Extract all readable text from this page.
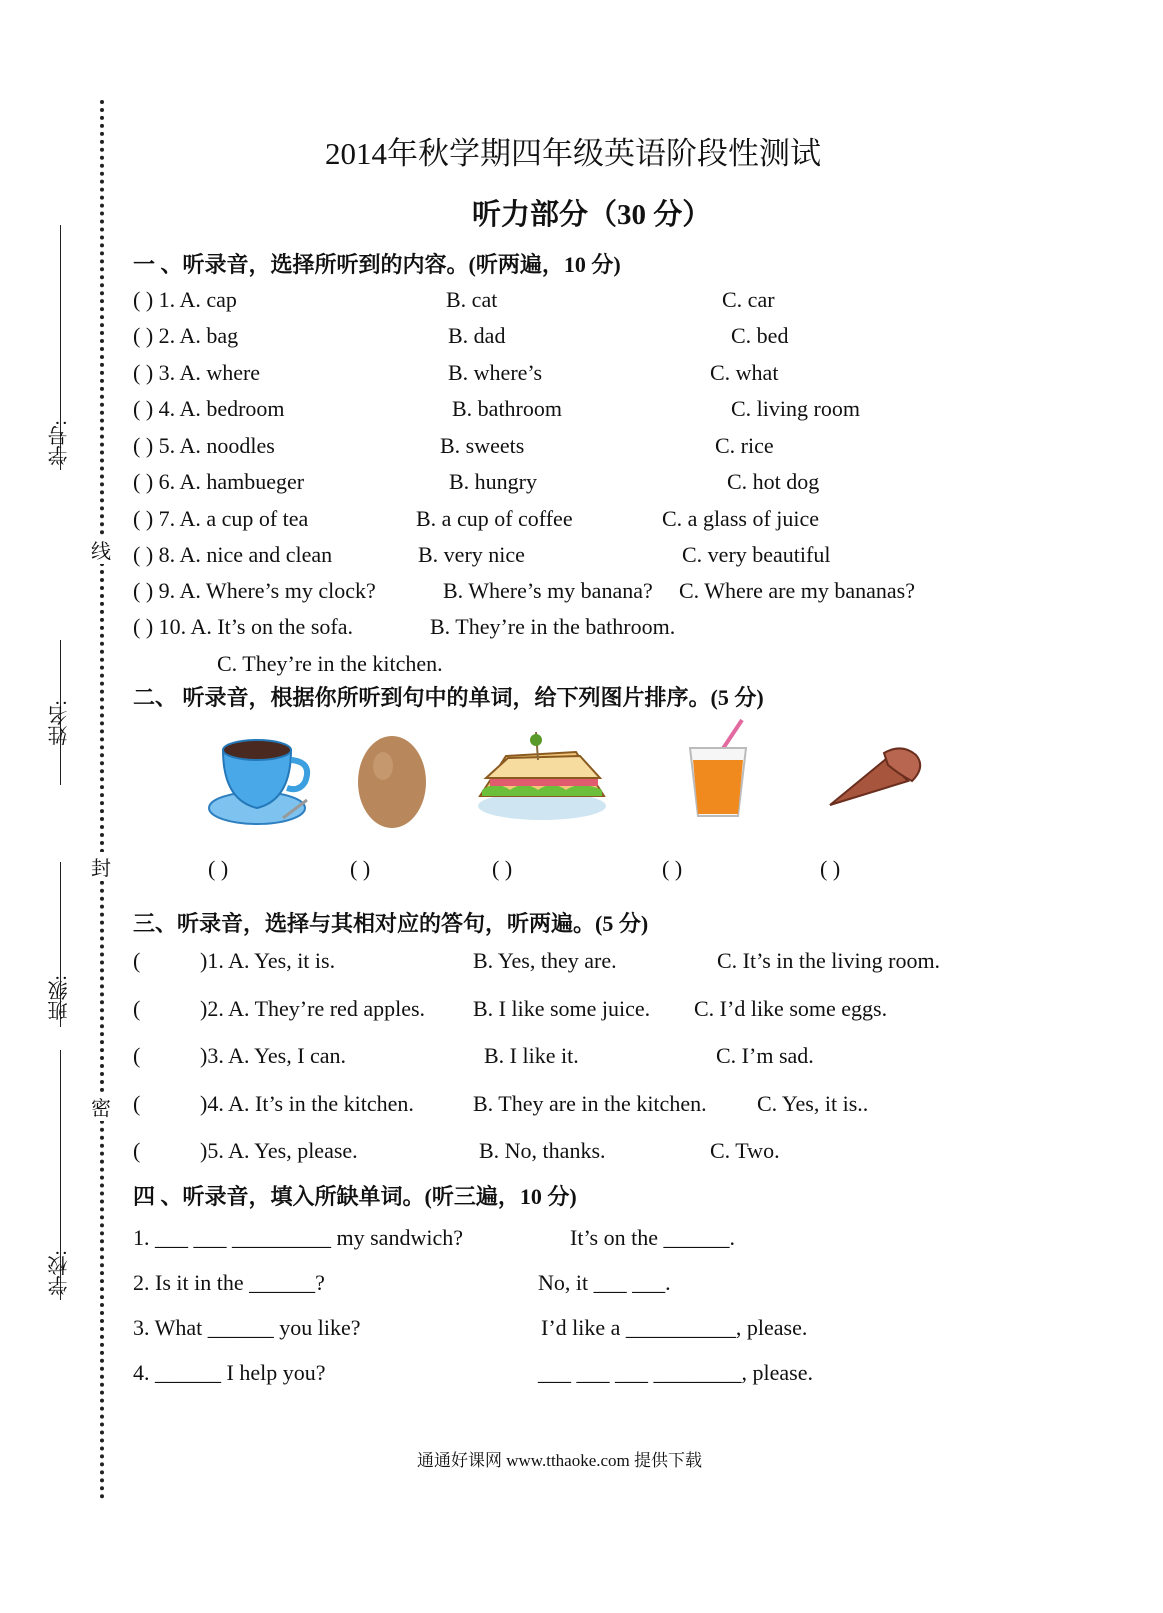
学号:
姓名:
班级:
学校:
线
封
密
2014年秋学期四年级英语阶段性测试
听力部分（30 分）
一 、听录音，选择所听到的内容。(听两遍，10 分)
( ) 1. A. cap	B. cat	C. car
( ) 2. A. bag	B. dad	C. bed
( ) 3. A. where	B. where’s	C. what
( ) 4. A. bedroom	B. bathroom	C. living room
( ) 5. A. noodles	B. sweets	C. rice
( ) 6. A. hambueger	B. hungry	C. hot dog
( ) 7. A. a cup of tea	B. a cup of coffee	C. a glass of juice
( ) 8. A. nice and clean	B. very nice	C. very beautiful
( ) 9. A. Where’s my clock?	B. Where’s my banana? C. Where are my bananas?
( ) 10. A. It’s on the sofa.	B. They’re in the bathroom.
C. They’re in the kitchen.
二、 听录音，根据你所听到句中的单词，给下列图片排序。(5 分)
( )	( )	( )	( )	( )
三、听录音，选择与其相对应的答句，听两遍。(5 分)
(	)1. A. Yes, it is.	B. Yes, they are.	C. It’s in the living room.
(	)2. A. They’re red apples. B. I like some juice. C. I’d like some eggs.
(	)3. A. Yes, I can.	B. I like it.	C. I’m sad.
(	)4. A. It’s in the kitchen.	B. They are in the kitchen. C. Yes, it is..
(	)5. A. Yes, please.	B. No, thanks.	C. Two.
四 、听录音，填入所缺单词。(听三遍，10 分)
1. ___ ___ _________ my sandwich?	It’s on the ______.
2. Is it in the ______?	No, it ___ ___.
3. What ______ you like?	I’d like a __________, please.
4. ______ I help you?	___ ___ ___ ________, please.
通通好课网 www.tthaoke.com 提供下载
